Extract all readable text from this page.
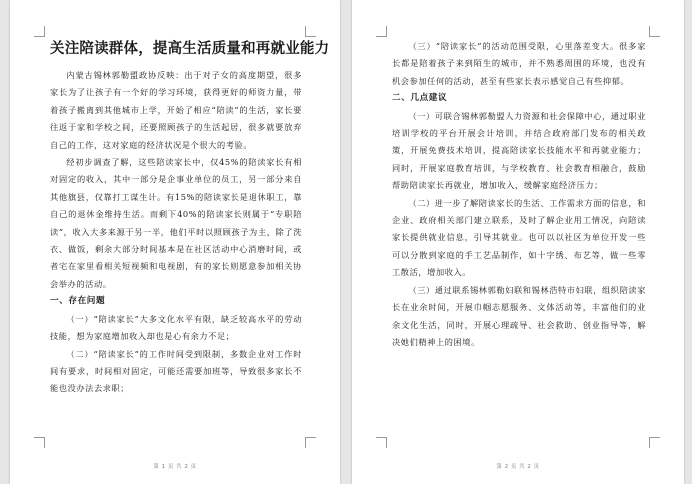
关注陪读群体，提高生活质量和再就业能力

内蒙古锡林郭勒盟政协反映：出于对子女的高度期望，很多家长为了让孩子有一个好的学习环境，获得更好的师资力量，带着孩子搬离到其他城市上学，开始了相应“陪读”的生活，家长要往返于家和学校之间，还要照顾孩子的生活起居，很多就要放弃自己的工作，这对家庭的经济状况是个很大的考验。

经初步调查了解，这些陪读家长中，仅45%的陪读家长有相对固定的收入，其中一部分是企事业单位的员工，另一部分来自其他旗县，仅靠打工谋生计。有15%的陪读家长是退休职工，靠自己的退休金维持生活。而剩下40%的陪读家长则属于“专职陪读”，收入大多来源于另一半，他们平时以照顾孩子为主，除了洗衣、做饭，剩余大部分时间基本是在社区活动中心消磨时间，或者宅在家里看相关短视频和电视剧，有的家长则愿意参加相关协会举办的活动。

一、存在问题

（一）“陪读家长”大多文化水平有限，缺乏较高水平的劳动技能，想为家庭增加收入却也是心有余力不足；

（二）“陪读家长”的工作时间受到限制，多数企业对工作时间有要求，时间相对固定，可能还需要加班等，导致很多家长不能也没办法去求职；

第 1 页 共 2 页

（三）“陪读家长”的活动范围受限，心里落差变大。很多家长都是陪着孩子来到陌生的城市，并不熟悉周围的环境，也没有机会参加任何的活动，甚至有些家长表示感觉自己有些抑郁。

二、几点建议

（一）可联合锡林郭勒盟人力资源和社会保障中心，通过职业培训学校的平台开展会计培训，并结合政府部门发布的相关政策，开展免费技术培训，提高陪读家长技能水平和再就业能力；同时，开展家庭教育培训，与学校教育、社会教育相融合，鼓励帮助陪读家长再就业，增加收入，缓解家庭经济压力；

（二）进一步了解陪读家长的生活、工作需求方面的信息，和企业、政府相关部门建立联系，及时了解企业用工情况，向陪读家长提供就业信息，引导其就业。也可以以社区为单位开发一些可以分散到家庭的手工艺品制作，如十字绣、布艺等，做一些零工散活，增加收入。

（三）通过联系锡林郭勒妇联和锡林浩特市妇联，组织陪读家长在业余时间，开展巾帼志愿服务、文体活动等，丰富他们的业余文化生活，同时，开展心理疏导、社会救助、创业指导等，解决她们精神上的困境。

第 2 页 共 2 页
